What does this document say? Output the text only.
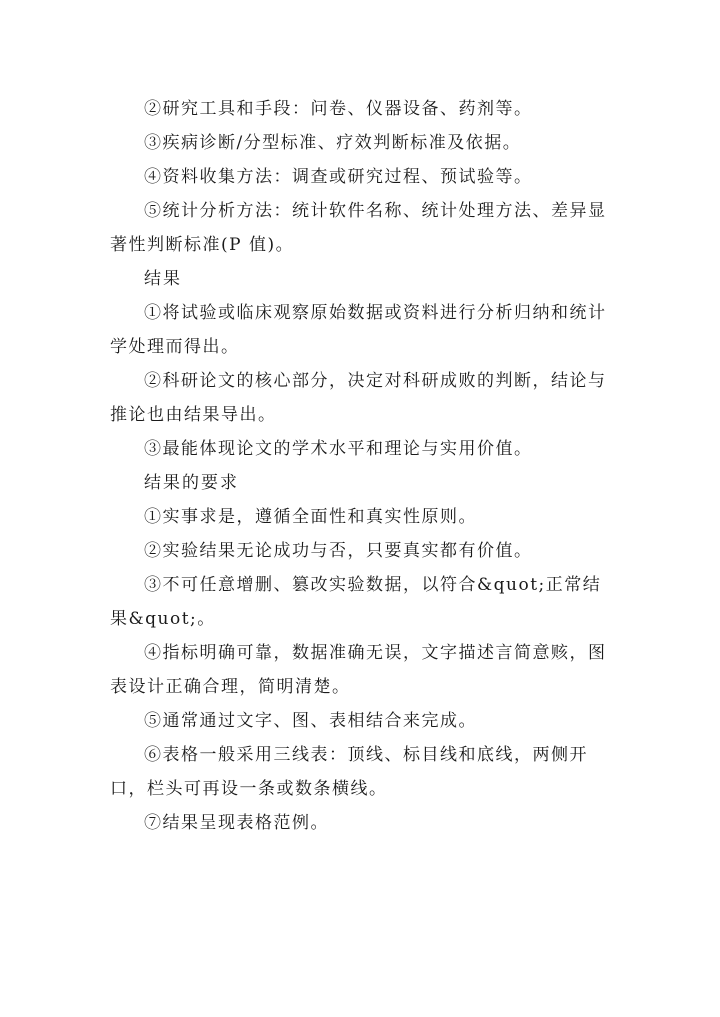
②研究工具和手段：问卷、仪器设备、药剂等。

③疾病诊断/分型标准、疗效判断标准及依据。

④资料收集方法：调查或研究过程、预试验等。

⑤统计分析方法：统计软件名称、统计处理方法、差异显著性判断标准(P 值)。

结果

①将试验或临床观察原始数据或资料进行分析归纳和统计学处理而得出。

②科研论文的核心部分，决定对科研成败的判断，结论与推论也由结果导出。

③最能体现论文的学术水平和理论与实用价值。

结果的要求

①实事求是，遵循全面性和真实性原则。

②实验结果无论成功与否，只要真实都有价值。

③不可任意增删、篡改实验数据，以符合&quot;正常结果&quot;。

④指标明确可靠，数据准确无误，文字描述言简意赅，图表设计正确合理，简明清楚。

⑤通常通过文字、图、表相结合来完成。

⑥表格一般采用三线表：顶线、标目线和底线，两侧开口，栏头可再设一条或数条横线。

⑦结果呈现表格范例。
